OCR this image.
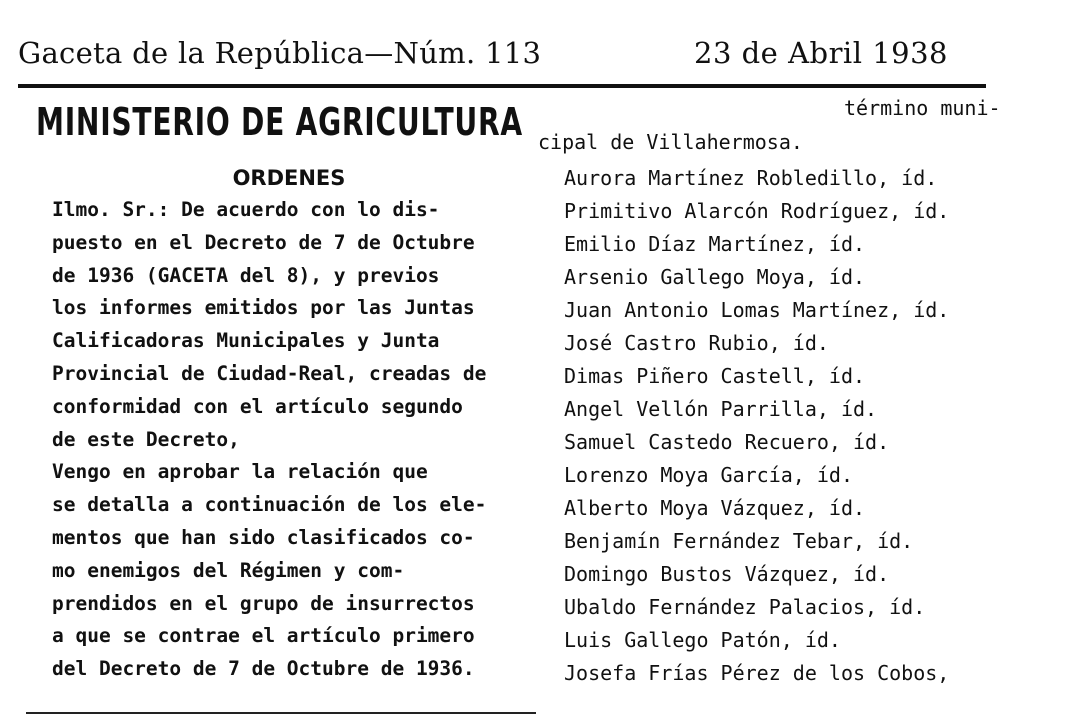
Gaceta de la República—Núm. 113	23 de Abril 1938
MINISTERIO DE AGRICULTURA
ORDENES

Ilmo. Sr.: De acuerdo con lo dis-
puesto en el Decreto de 7 de Octubre
de 1936 (GACETA del 8), y previos
los informes emitidos por las Juntas
Calificadoras Municipales y Junta
Provincial de Ciudad-Real, creadas de
conformidad con el artículo segundo
de este Decreto,

Vengo en aprobar la relación que
se detalla a continuación de los ele-
mentos que han sido clasificados co-
mo enemigos del Régimen y com-
prendidos en el grupo de insurrectos
a que se contrae el artículo primero
del Decreto de 7 de Octubre de 1936.

término muni-
cipal de Villahermosa.
Aurora Martínez Robledillo, íd.
Primitivo Alarcón Rodríguez, íd.
Emilio Díaz Martínez, íd.
Arsenio Gallego Moya, íd.
Juan Antonio Lomas Martínez, íd.
José Castro Rubio, íd.
Dimas Piñero Castell, íd.
Angel Vellón Parrilla, íd.
Samuel Castedo Recuero, íd.
Lorenzo Moya García, íd.
Alberto Moya Vázquez, íd.
Benjamín Fernández Tebar, íd.
Domingo Bustos Vázquez, íd.
Ubaldo Fernández Palacios, íd.
Luis Gallego Patón, íd.
Josefa Frías Pérez de los Cobos,
